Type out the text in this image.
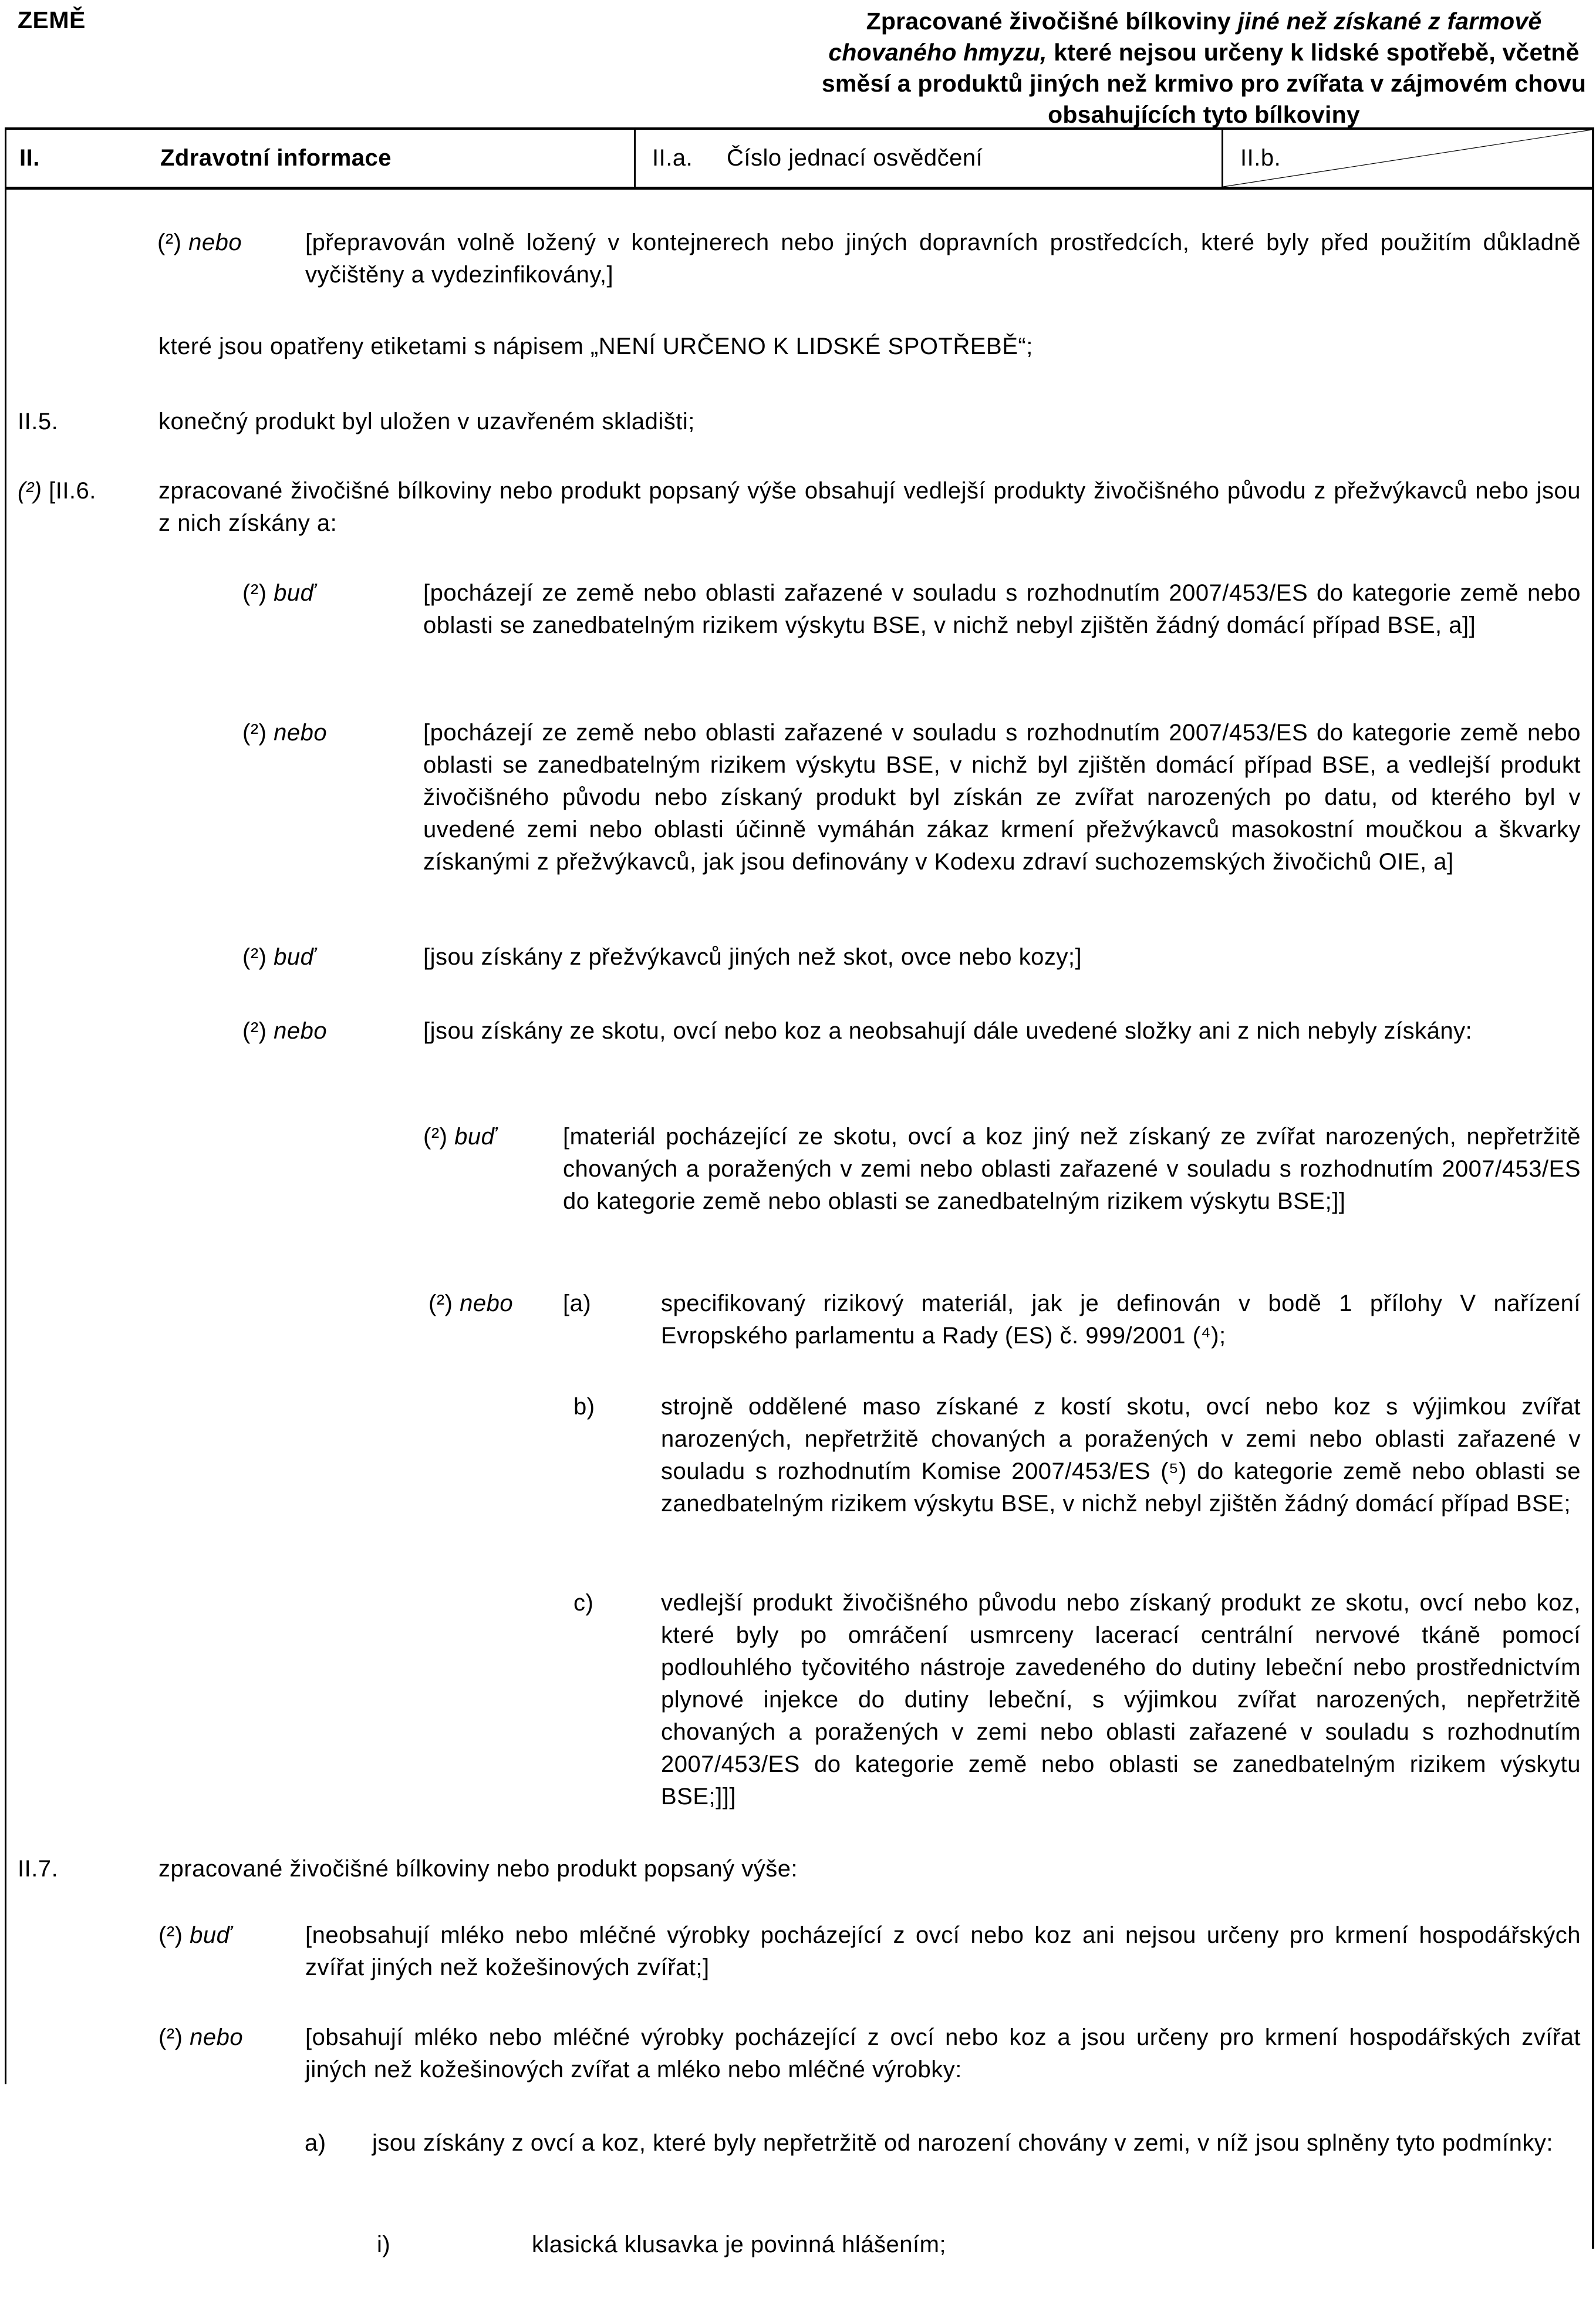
ZEMĚ	Zpracované živočišné bílkoviny jiné než získané z farmově chovaného hmyzu, které nejsou určeny k lidské spotřebě, včetně směsí a produktů jiných než krmivo pro zvířata v zájmovém chovu obsahujících tyto bílkoviny
II.	Zdravotní informace	II.a.	Číslo jednací osvědčení	II.b.
(²) nebo	[přepravován volně ložený v kontejnerech nebo jiných dopravních prostředcích, které byly před použitím důkladně vyčištěny a vydezinfikovány,]

které jsou opatřeny etiketami s nápisem „NENÍ URČENO K LIDSKÉ SPOTŘEBĚ“;

II.5.	konečný produkt byl uložen v uzavřeném skladišti;

(²) [II.6.	zpracované živočišné bílkoviny nebo produkt popsaný výše obsahují vedlejší produkty živočišného původu z přežvýkavců nebo jsou z nich získány a:

(²) buď	[pocházejí ze země nebo oblasti zařazené v souladu s rozhodnutím 2007/453/ES do kategorie země nebo oblasti se zanedbatelným rizikem výskytu BSE, v nichž nebyl zjištěn žádný domácí případ BSE, a]]

(²) nebo	[pocházejí ze země nebo oblasti zařazené v souladu s rozhodnutím 2007/453/ES do kategorie země nebo oblasti se zanedbatelným rizikem výskytu BSE, v nichž byl zjištěn domácí případ BSE, a vedlejší produkt živočišného původu nebo získaný produkt byl získán ze zvířat narozených po datu, od kterého byl v uvedené zemi nebo oblasti účinně vymáhán zákaz krmení přežvýkavců masokostní moučkou a škvarky získanými z přežvýkavců, jak jsou definovány v Kodexu zdraví suchozemských živočichů OIE, a]

(²) buď	[jsou získány z přežvýkavců jiných než skot, ovce nebo kozy;]

(²) nebo	[jsou získány ze skotu, ovcí nebo koz a neobsahují dále uvedené složky ani z nich nebyly získány:

(²) buď	[materiál pocházející ze skotu, ovcí a koz jiný než získaný ze zvířat narozených, nepřetržitě chovaných a poražených v zemi nebo oblasti zařazené v souladu s rozhodnutím 2007/453/ES do kategorie země nebo oblasti se zanedbatelným rizikem výskytu BSE;]]

(²) nebo [a)	specifikovaný rizikový materiál, jak je definován v bodě 1 přílohy V nařízení Evropského parlamentu a Rady (ES) č. 999/2001 (⁴);

b)	strojně oddělené maso získané z kostí skotu, ovcí nebo koz s výjimkou zvířat narozených, nepřetržitě chovaných a poražených v zemi nebo oblasti zařazené v souladu s rozhodnutím Komise 2007/453/ES (⁵) do kategorie země nebo oblasti se zanedbatelným rizikem výskytu BSE, v nichž nebyl zjištěn žádný domácí případ BSE;

c)	vedlejší produkt živočišného původu nebo získaný produkt ze skotu, ovcí nebo koz, které byly po omráčení usmrceny lacerací centrální nervové tkáně pomocí podlouhlého tyčovitého nástroje zavedeného do dutiny lebeční nebo prostřednictvím plynové injekce do dutiny lebeční, s výjimkou zvířat narozených, nepřetržitě chovaných a poražených v zemi nebo oblasti zařazené v souladu s rozhodnutím 2007/453/ES do kategorie země nebo oblasti se zanedbatelným rizikem výskytu BSE;]]]

II.7.	zpracované živočišné bílkoviny nebo produkt popsaný výše:

(²) buď	[neobsahují mléko nebo mléčné výrobky pocházející z ovcí nebo koz ani nejsou určeny pro krmení hospodářských zvířat jiných než kožešinových zvířat;]

(²) nebo	[obsahují mléko nebo mléčné výrobky pocházející z ovcí nebo koz a jsou určeny pro krmení hospodářských zvířat jiných než kožešinových zvířat a mléko nebo mléčné výrobky:

a) jsou získány z ovcí a koz, které byly nepřetržitě od narození chovány v zemi, v níž jsou splněny tyto podmínky:

i)	klasická klusavka je povinná hlášením;
